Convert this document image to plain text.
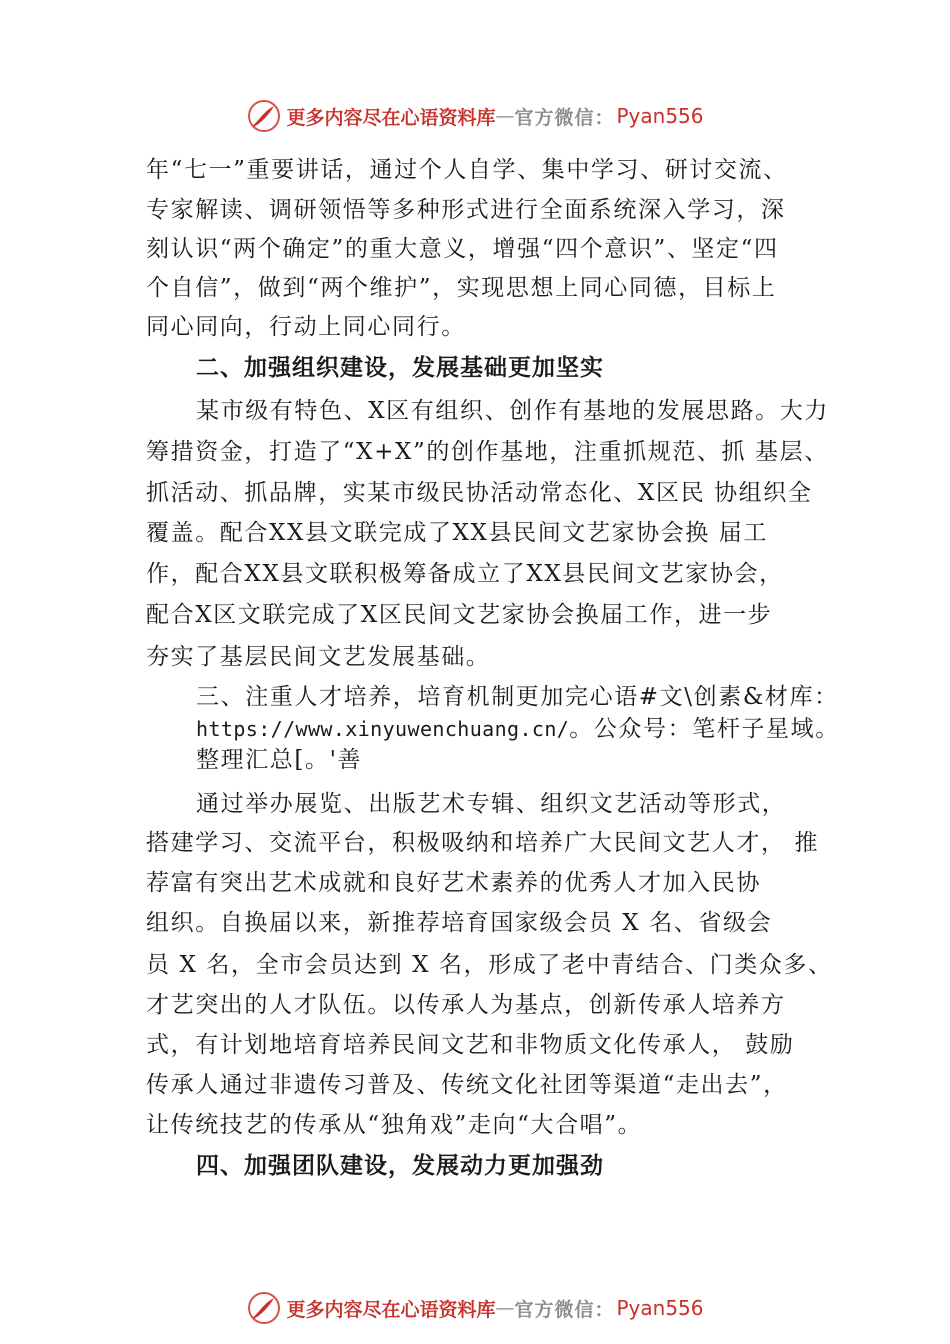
更多内容尽在心语资料库 — 官方微信： Pyan556
年“七一”重要讲话，通过个人自学、集中学习、研讨交流、
专家解读、调研领悟等多种形式进行全面系统深入学习，深
刻认识“两个确定”的重大意义，增强“四个意识”、坚定“四
个自信”，做到“两个维护”，实现思想上同心同德，目标上
同心同向，行动上同心同行。
二、加强组织建设，发展基础更加坚实
某市级有特色、X区有组织、创作有基地的发展思路。大力
筹措资金，打造了“X+X”的创作基地，注重抓规范、抓 基层、
抓活动、抓品牌，实某市级民协活动常态化、X区民 协组织全
覆盖。配合XX县文联完成了XX县民间文艺家协会换 届工
作，配合XX县文联积极筹备成立了XX县民间文艺家协会，
配合X区文联完成了X区民间文艺家协会换届工作，进一步
夯实了基层民间文艺发展基础。
三、注重人才培养，培育机制更加完心语#文\创素&材库：
https://www.xinyuwenchuang.cn/。公众号：笔杆子星域。
整理汇总[。'善
通过举办展览、出版艺术专辑、组织文艺活动等形式，
搭建学习、交流平台，积极吸纳和培养广大民间文艺人才， 推
荐富有突出艺术成就和良好艺术素养的优秀人才加入民协
组织。自换届以来，新推荐培育国家级会员 X 名、省级会
员 X 名，全市会员达到 X 名，形成了老中青结合、门类众多、
才艺突出的人才队伍。以传承人为基点，创新传承人培养方
式，有计划地培育培养民间文艺和非物质文化传承人， 鼓励
传承人通过非遗传习普及、传统文化社团等渠道“走出去”，
让传统技艺的传承从“独角戏”走向“大合唱”。
四、加强团队建设，发展动力更加强劲
更多内容尽在心语资料库 — 官方微信： Pyan556
